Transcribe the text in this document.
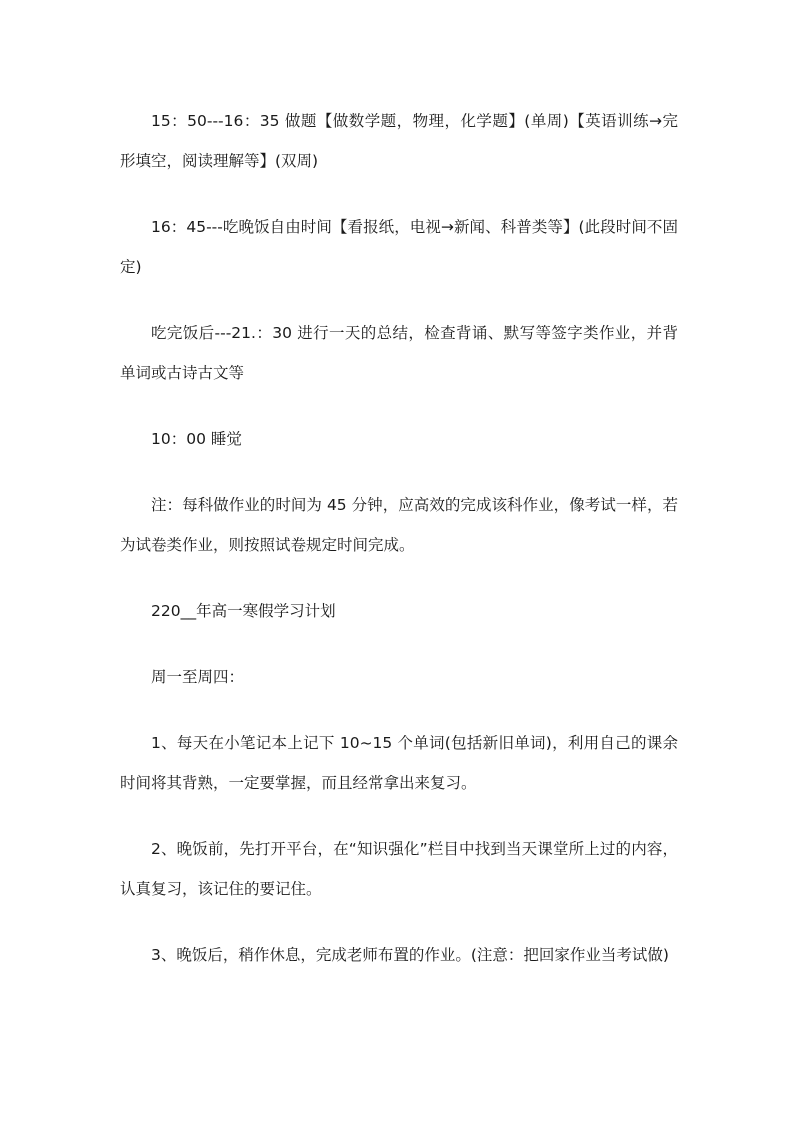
15：50---16：35 做题【做数学题，物理，化学题】(单周)【英语训练→完形填空，阅读理解等】(双周)

16：45---吃晚饭自由时间【看报纸，电视→新闻、科普类等】(此段时间不固定)

吃完饭后---21.：30 进行一天的总结，检查背诵、默写等签字类作业，并背单词或古诗古文等

10：00 睡觉

注：每科做作业的时间为 45 分钟，应高效的完成该科作业，像考试一样，若为试卷类作业，则按照试卷规定时间完成。

220__年高一寒假学习计划

周一至周四：

1、每天在小笔记本上记下 10~15 个单词(包括新旧单词)，利用自己的课余时间将其背熟，一定要掌握，而且经常拿出来复习。

2、晚饭前，先打开平台，在“知识强化”栏目中找到当天课堂所上过的内容，认真复习，该记住的要记住。

3、晚饭后，稍作休息，完成老师布置的作业。(注意：把回家作业当考试做)
